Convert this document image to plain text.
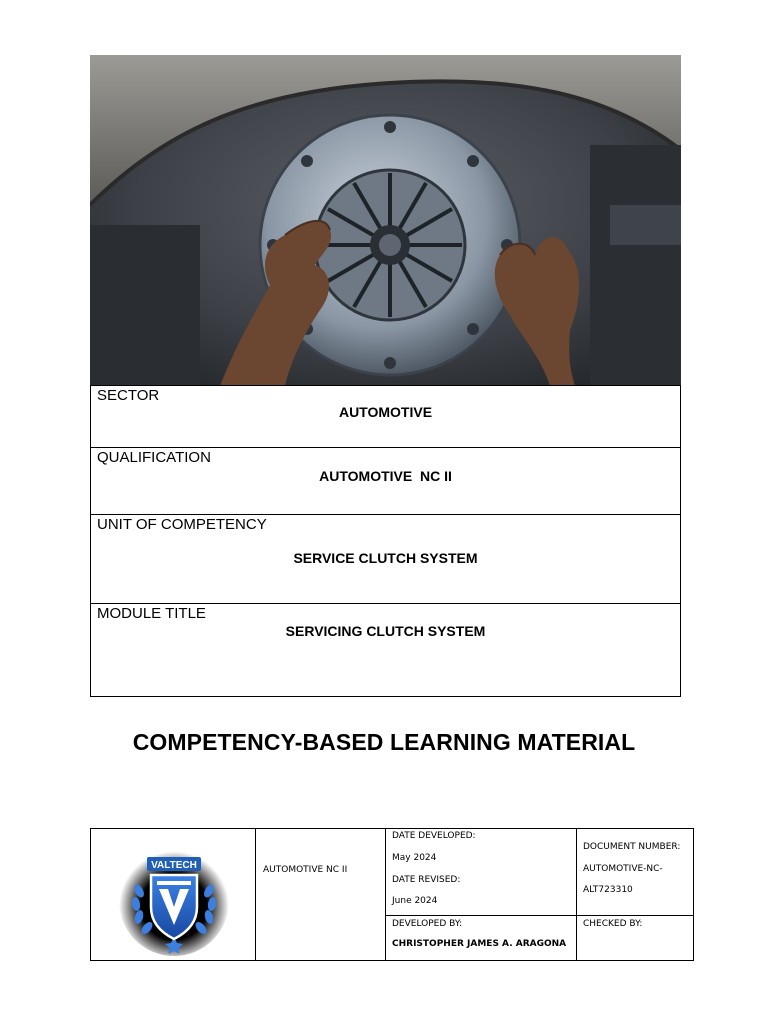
SECTOR
AUTOMOTIVE
QUALIFICATION
AUTOMOTIVE  NC II
UNIT OF COMPETENCY
SERVICE CLUTCH SYSTEM
MODULE TITLE
SERVICING CLUTCH SYSTEM
COMPETENCY-BASED LEARNING MATERIAL
VALTECH	AUTOMOTIVE NC II
DATE DEVELOPED:
May 2024
DATE REVISED:
June 2024
DOCUMENT NUMBER:
AUTOMOTIVE-NC-
ALT723310
DEVELOPED BY:
CHRISTOPHER JAMES A. ARAGONA
CHECKED BY:
